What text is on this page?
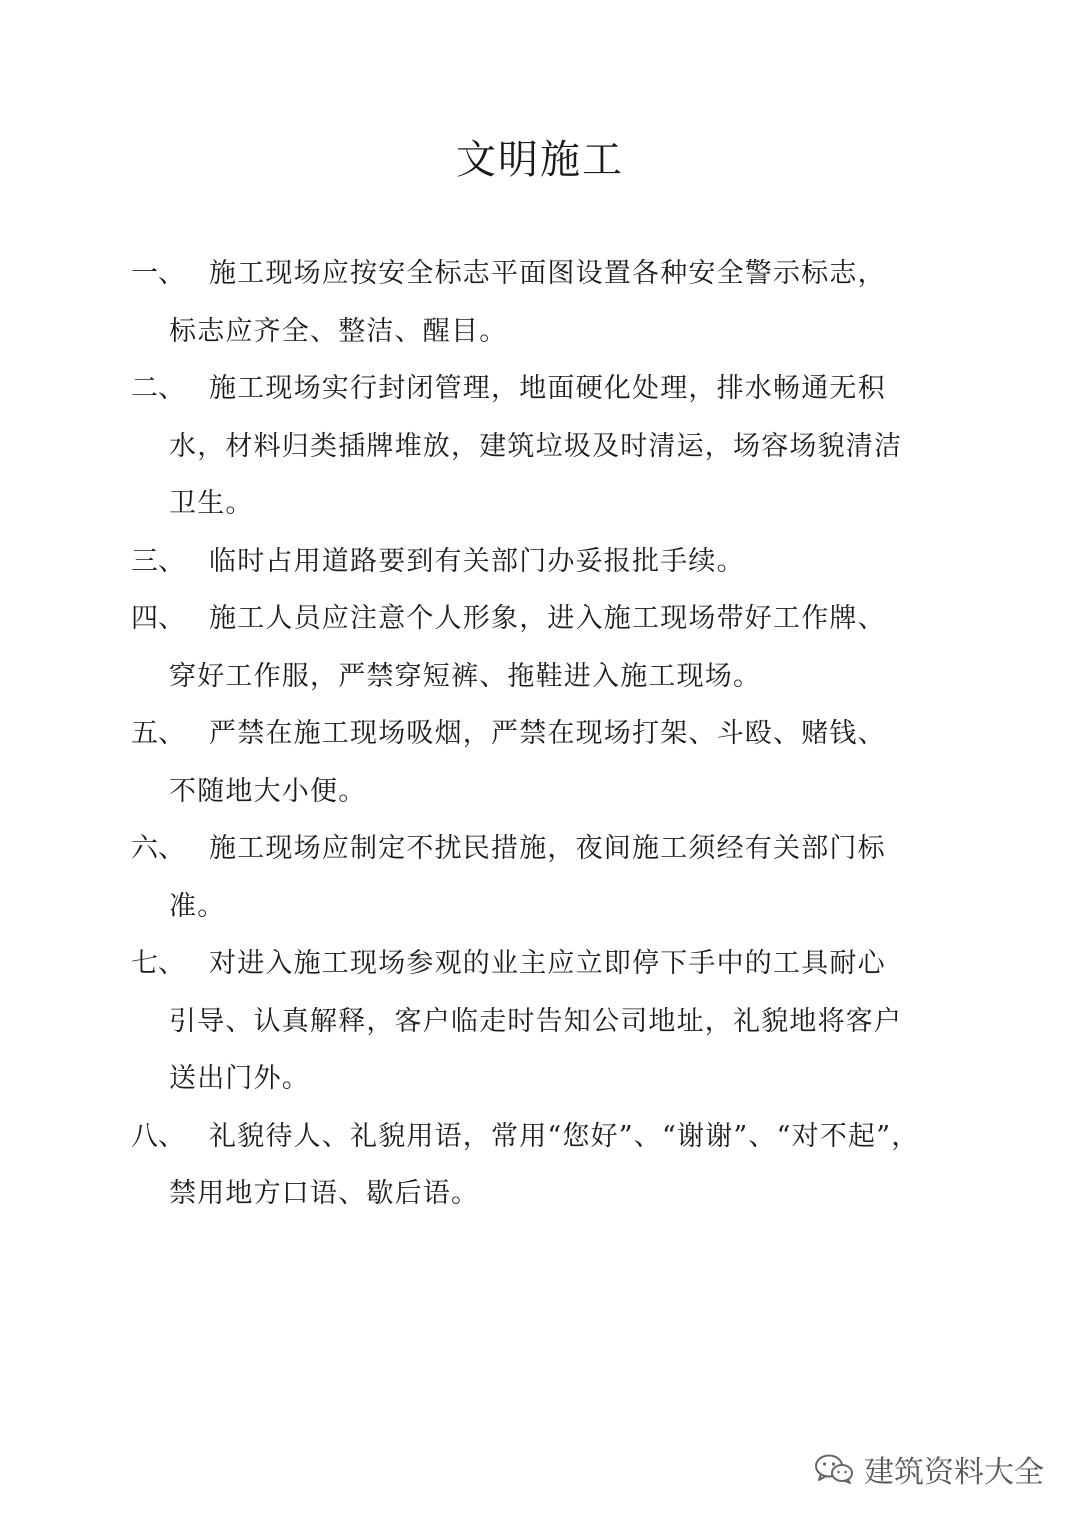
文明施工
一、 施工现场应按安全标志平面图设置各种安全警示标志，
标志应齐全、整洁、醒目。
二、 施工现场实行封闭管理，地面硬化处理，排水畅通无积
水，材料归类插牌堆放，建筑垃圾及时清运，场容场貌清洁卫生。
三、 临时占用道路要到有关部门办妥报批手续。
四、 施工人员应注意个人形象，进入施工现场带好工作牌、
穿好工作服，严禁穿短裤、拖鞋进入施工现场。
五、 严禁在施工现场吸烟，严禁在现场打架、斗殴、赌钱、
不随地大小便。
六、 施工现场应制定不扰民措施，夜间施工须经有关部门标
准。
七、 对进入施工现场参观的业主应立即停下手中的工具耐心
引导、认真解释，客户临走时告知公司地址，礼貌地将客户送出门外。
八、 礼貌待人、礼貌用语，常用“您好”、“谢谢”、“对不起”，
禁用地方口语、歇后语。
建筑资料大全
